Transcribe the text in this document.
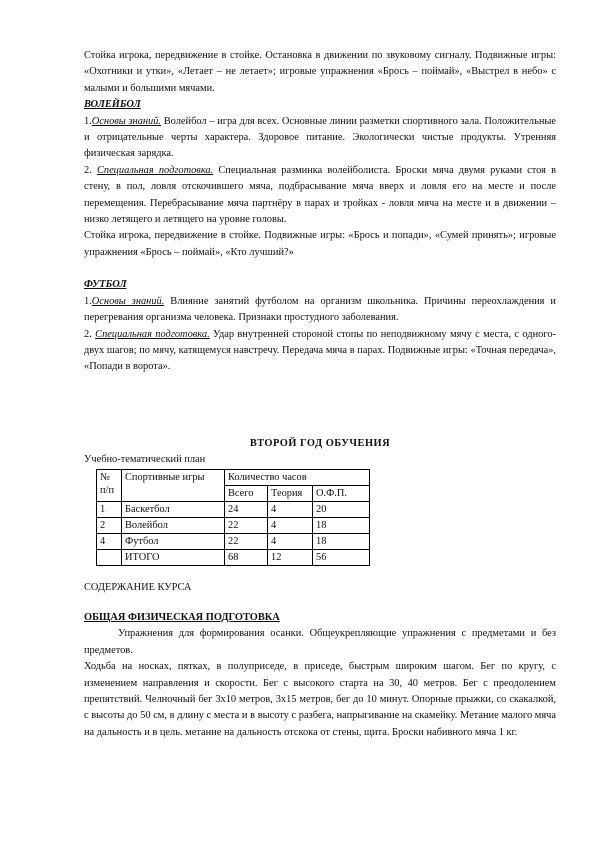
Стойка игрока, передвижение в стойке. Остановка в движении по звуковому сигналу. Подвижные игры: «Охотники и утки», «Летает – не летает»; игровые упражнения «Брось – поймай», «Выстрел в небо» с малыми и большими мячами.

ВОЛЕЙБОЛ

1.Основы знаний. Волейбол – игра для всех. Основные линии разметки спортивного зала. Положительные и отрицательные черты характера. Здоровое питание. Экологически чистые продукты. Утренняя физическая зарядка.

2. Специальная подготовка. Специальная разминка волейболиста. Броски мяча двумя руками стоя в стену, в пол, ловля отскочившего мяча, подбрасывание мяча вверх и ловля его на месте и после перемещения. Перебрасывание мяча партнёру в парах и тройках - ловля мяча на месте и в движении – низко летящего и летящего на уровне головы.

Стойка игрока, передвижение в стойке. Подвижные игры: «Брось и попади», «Сумей принять»; игровые упражнения «Брось – поймай», «Кто лучший?»

ФУТБОЛ

1.Основы знаний. Влияние занятий футболом на организм школьника. Причины переохлаждения и перегревания организма человека. Признаки простудного заболевания.

2. Специальная подготовка. Удар внутренней стороной стопы по неподвижному мячу с места, с одного-двух шагов; по мячу, катящемуся навстречу. Передача мяча в парах. Подвижные игры: «Точная передача», «Попади в ворота».

ВТОРОЙ ГОД ОБУЧЕНИЯ
Учебно-тематический план
№ п/п	Спортивные игры	Количество часов		
		Всего	Теория	О.Ф.П.
1	Баскетбол	24	4	20
2	Волейбол	22	4	18
4	Футбол	22	4	18
	ИТОГО	68	12	56
СОДЕРЖАНИЕ КУРСА
ОБЩАЯ ФИЗИЧЕСКАЯ ПОДГОТОВКА

Упражнения для формирования осанки. Общеукрепляющие упражнения с предметами и без предметов.

Ходьба на носках, пятках, в полуприседе, в приседе, быстрым широким шагом. Бег по кругу, с изменением направления и скорости. Бег с высокого старта на 30, 40 метров. Бег с преодолением препятствий. Челночный бег 3х10 метров, 3х15 метров, бег до 10 минут. Опорные прыжки, со скакалкой, с высоты до 50 см, в длину с места и в высоту с разбега, напрыгивание на скамейку. Метание малого мяча на дальность и в цель. метание на дальность отскока от стены, щита. Броски набивного мяча 1 кг.
